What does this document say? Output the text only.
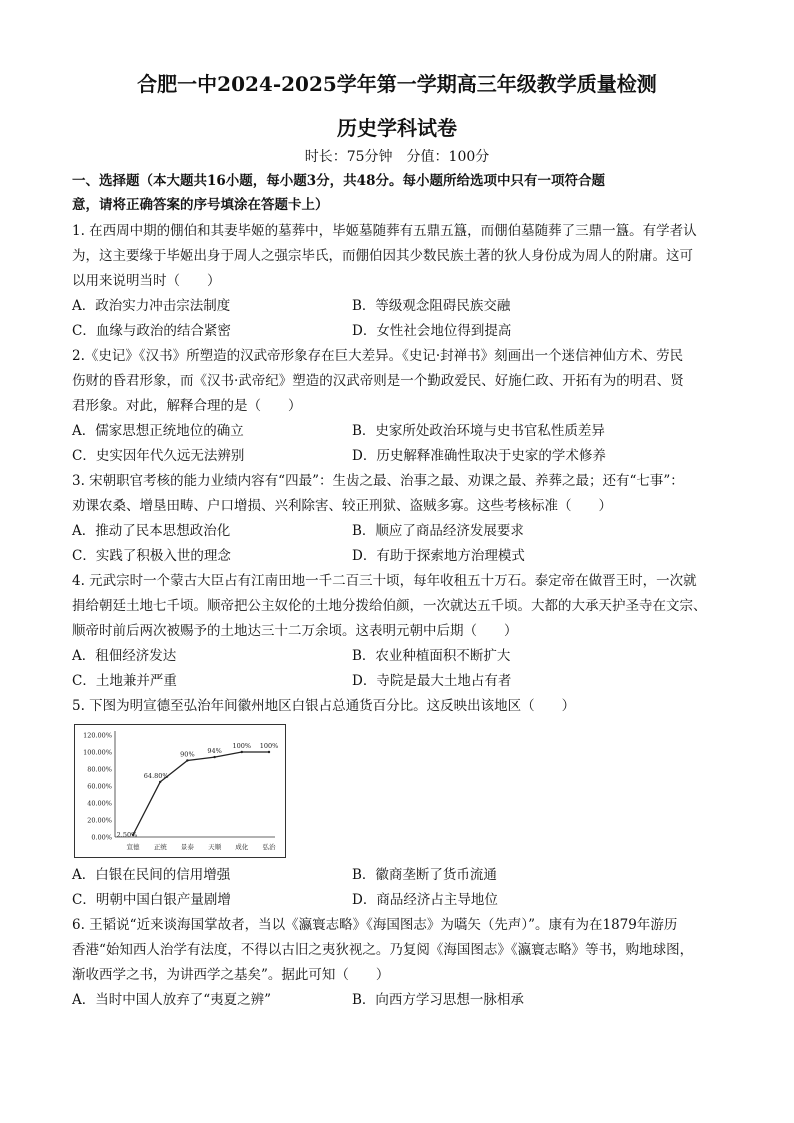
合肥一中2024-2025学年第一学期高三年级教学质量检测
历史学科试卷
时长：75分钟　分值：100分
一、选择题（本大题共16小题，每小题3分，共48分。每小题所给选项中只有一项符合题
意，请将正确答案的序号填涂在答题卡上）
1. 在西周中期的倗伯和其妻毕姬的墓葬中，毕姬墓随葬有五鼎五簋，而倗伯墓随葬了三鼎一簋。有学者认
为，这主要缘于毕姬出身于周人之强宗毕氏，而倗伯因其少数民族土著的狄人身份成为周人的附庸。这可
以用来说明当时（　　）
A．政治实力冲击宗法制度	B．等级观念阻碍民族交融
C．血缘与政治的结合紧密	D．女性社会地位得到提高
2.《史记》《汉书》所塑造的汉武帝形象存在巨大差异。《史记·封禅书》刻画出一个迷信神仙方术、劳民
伤财的昏君形象，而《汉书·武帝纪》塑造的汉武帝则是一个勤政爱民、好施仁政、开拓有为的明君、贤
君形象。对此，解释合理的是（　　）
A．儒家思想正统地位的确立	B．史家所处政治环境与史书官私性质差异
C．史实因年代久远无法辨别	D．历史解释准确性取决于史家的学术修养
3. 宋朝职官考核的能力业绩内容有“四最”：生齿之最、治事之最、劝课之最、养葬之最；还有“七事”：
劝课农桑、增垦田畴、户口增损、兴利除害、较正刑狱、盗贼多寡。这些考核标准（　　）
A．推动了民本思想政治化	B．顺应了商品经济发展要求
C．实践了积极入世的理念	D．有助于探索地方治理模式
4. 元武宗时一个蒙古大臣占有江南田地一千二百三十顷，每年收租五十万石。泰定帝在做晋王时，一次就
捐给朝廷土地七千顷。顺帝把公主奴伦的土地分拨给伯颜，一次就达五千顷。大都的大承天护圣寺在文宗、
顺帝时前后两次被赐予的土地达三十二万余顷。这表明元朝中后期（　　）
A．租佃经济发达	B．农业种植面积不断扩大
C．土地兼并严重	D．寺院是最大土地占有者
5. 下图为明宣德至弘治年间徽州地区白银占总通货百分比。这反映出该地区（　　）
0.00%
20.00%
40.00%
60.00%
80.00%
100.00%
120.00%
宣德 正统 景泰 天顺 成化 弘治
2.50%
64.80%
90% 94%
100% 100%
A．白银在民间的信用增强	B．徽商垄断了货币流通
C．明朝中国白银产量剧增	D．商品经济占主导地位
6. 王韬说“近来谈海国掌故者，当以《瀛寰志略》《海国图志》为嚆矢（先声）”。康有为在1879年游历
香港“始知西人治学有法度，不得以古旧之夷狄视之。乃复阅《海国图志》《瀛寰志略》等书，购地球图，
渐收西学之书，为讲西学之基矣”。据此可知（　　）
A．当时中国人放弃了“夷夏之辨”	B．向西方学习思想一脉相承
